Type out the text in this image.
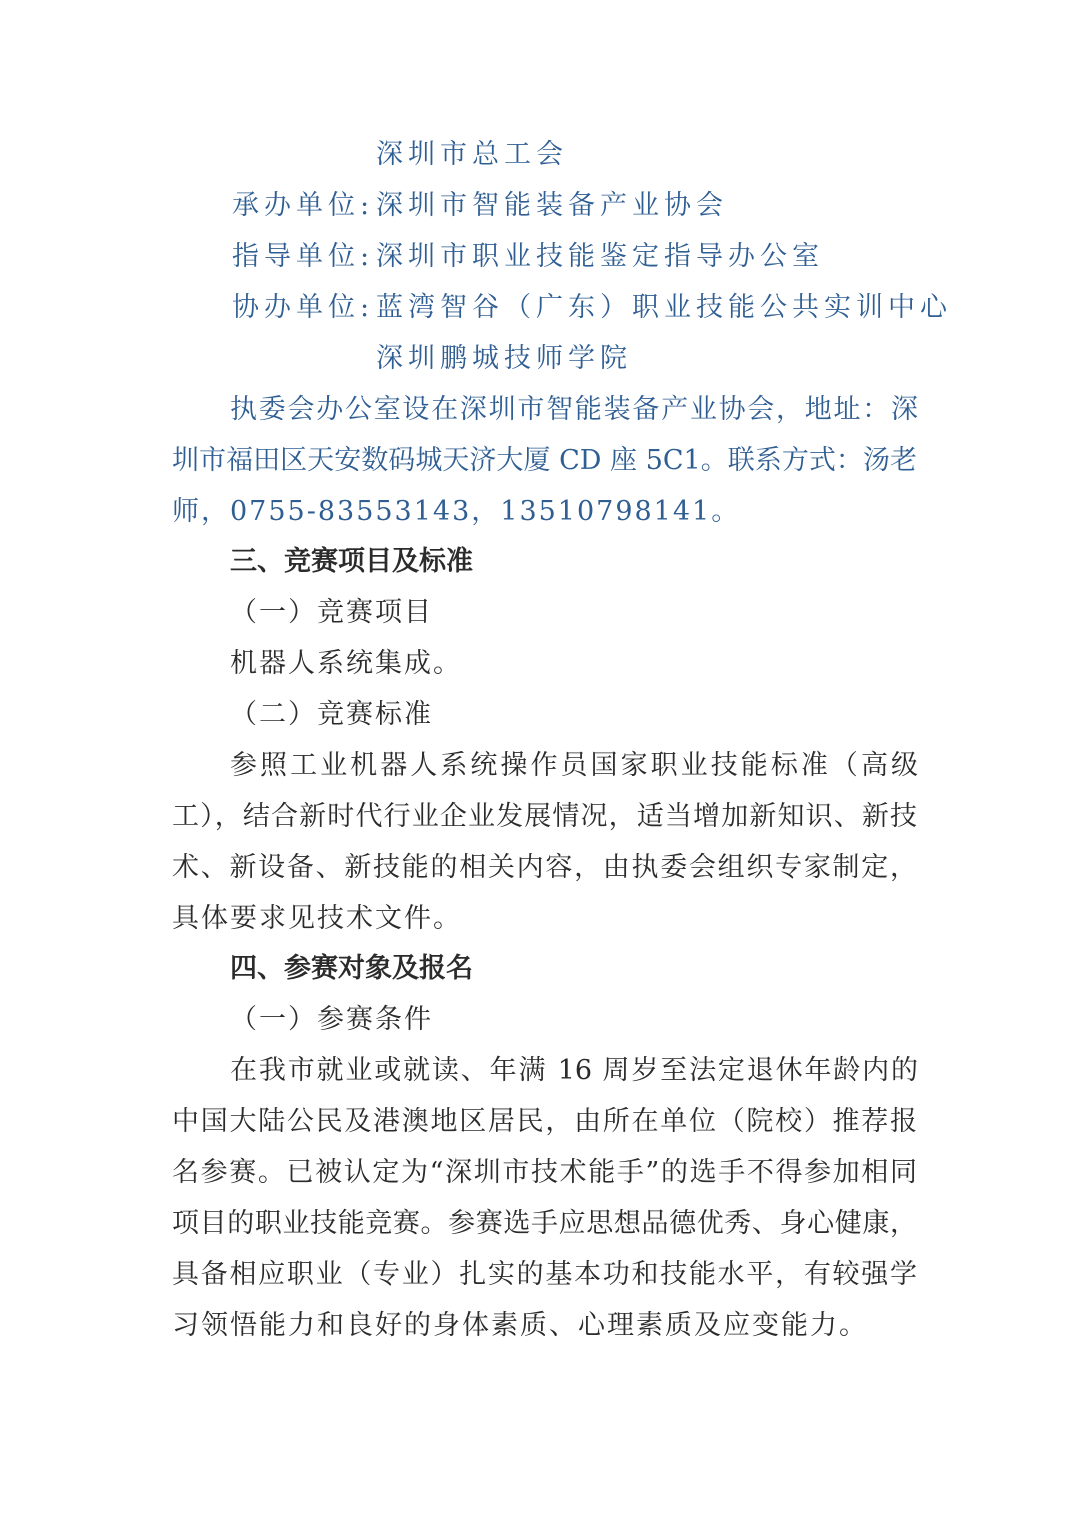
深圳市总工会
承办单位: 深圳市智能装备产业协会
指导单位: 深圳市职业技能鉴定指导办公室
协办单位: 蓝湾智谷（广东）职业技能公共实训中心
深圳鹏城技师学院
执委会办公室设在深圳市智能装备产业协会，地址：深
圳市福田区天安数码城天济大厦 CD 座 5C1。联系方式：汤老
师，0755-83553143，13510798141。
三、竞赛项目及标准
（一）竞赛项目
机器人系统集成。
（二）竞赛标准
参照工业机器人系统操作员国家职业技能标准（高级
工），结合新时代行业企业发展情况，适当增加新知识、新技
术、新设备、新技能的相关内容，由执委会组织专家制定，
具体要求见技术文件。
四、参赛对象及报名
（一）参赛条件
在我市就业或就读、年满 16 周岁至法定退休年龄内的
中国大陆公民及港澳地区居民，由所在单位（院校）推荐报
名参赛。已被认定为“深圳市技术能手”的选手不得参加相同
项目的职业技能竞赛。参赛选手应思想品德优秀、身心健康，
具备相应职业（专业）扎实的基本功和技能水平，有较强学
习领悟能力和良好的身体素质、心理素质及应变能力。
